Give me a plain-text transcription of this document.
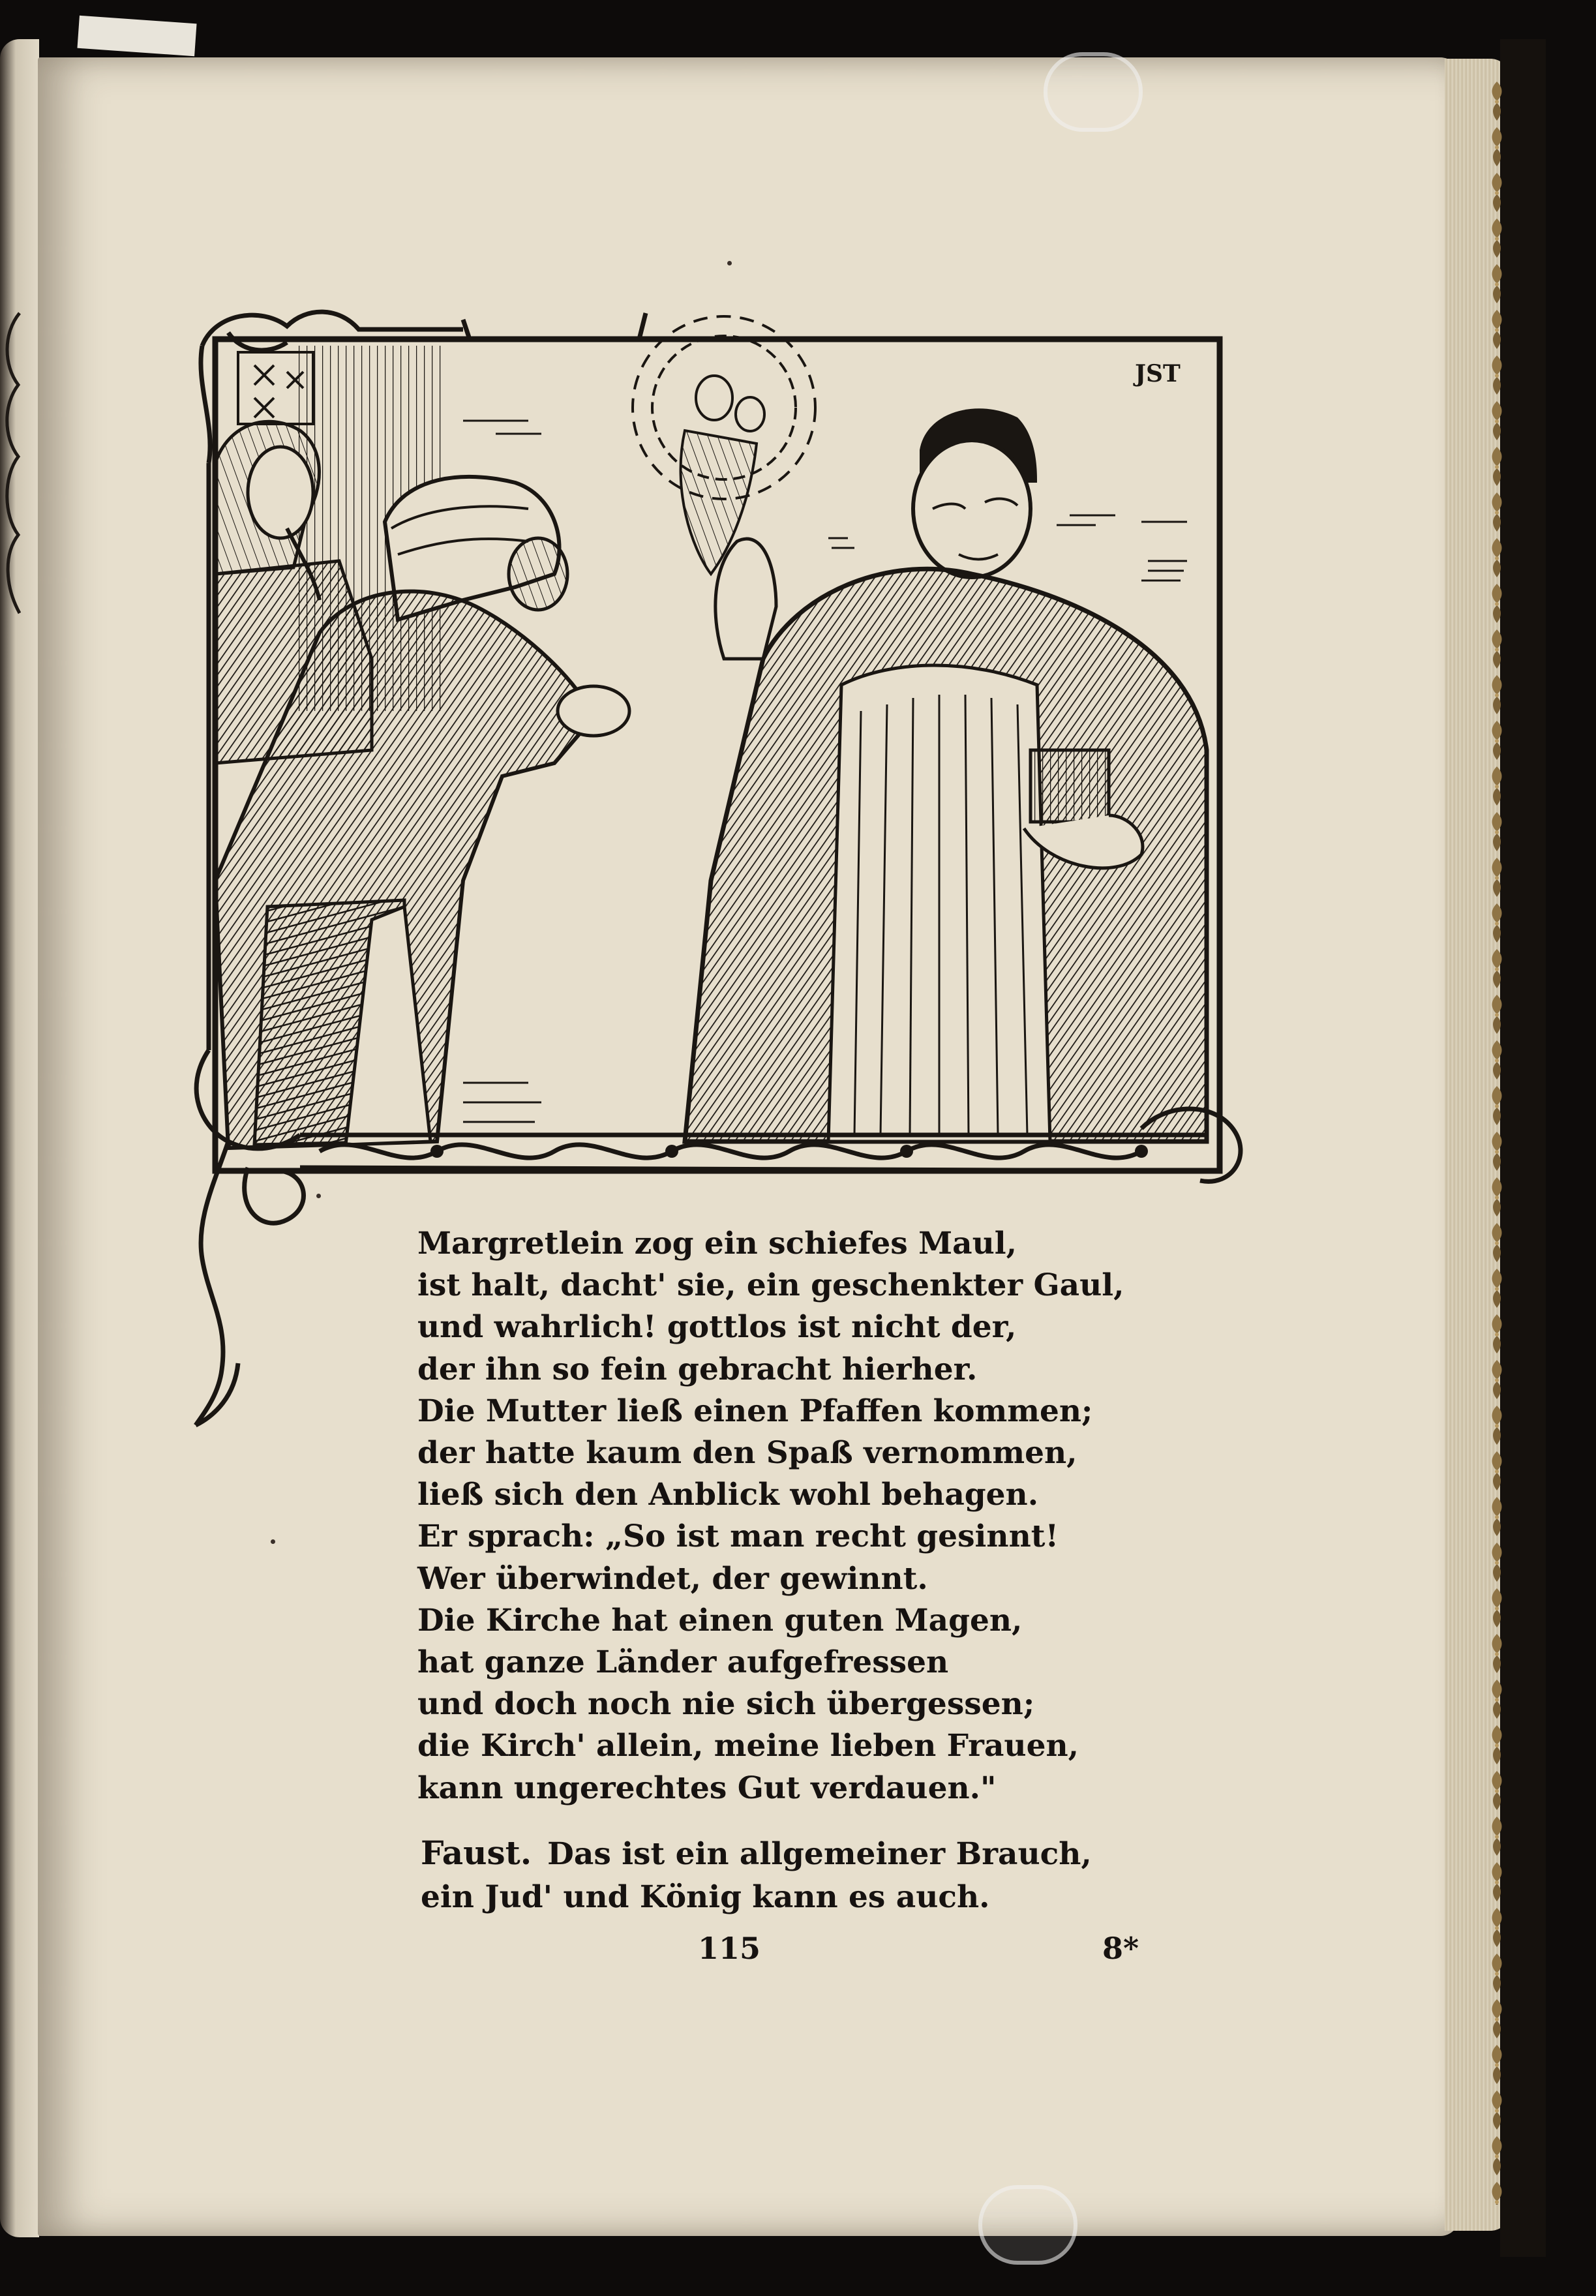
JST
Margretlein zog ein schiefes Maul,
ist halt, dacht' sie, ein geschenkter Gaul,
und wahrlich! gottlos ist nicht der,
der ihn so fein gebracht hierher.
Die Mutter ließ einen Pfaffen kommen;
der hatte kaum den Spaß vernommen,
ließ sich den Anblick wohl behagen.
Er sprach: „So ist man recht gesinnt!
Wer überwindet, der gewinnt.
Die Kirche hat einen guten Magen,
hat ganze Länder aufgefressen
und doch noch nie sich übergessen;
die Kirch' allein, meine lieben Frauen,
kann ungerechtes Gut verdauen."
Faust. Das ist ein allgemeiner Brauch,
ein Jud' und König kann es auch.
115	8*
